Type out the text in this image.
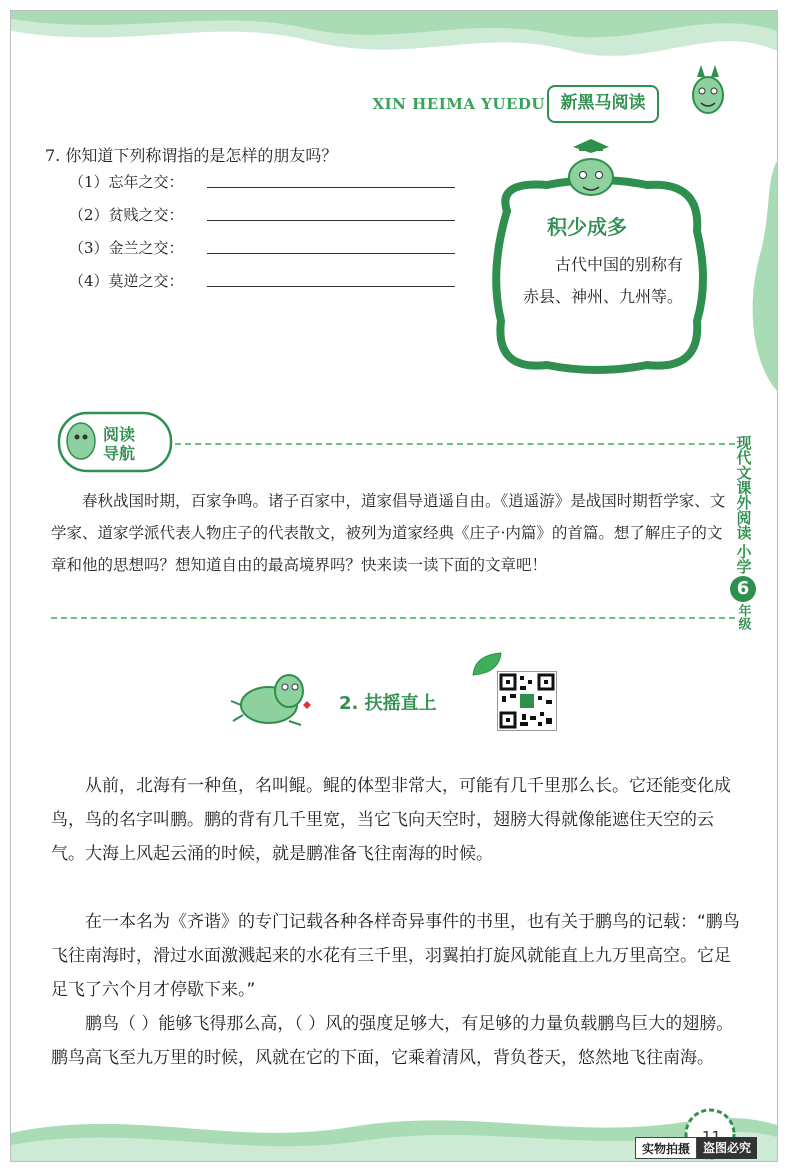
XIN HEIMA YUEDU 新黑马阅读
7. 你知道下列称谓指的是怎样的朋友吗？
（1）忘年之交：
（2）贫贱之交：
（3）金兰之交：
（4）莫逆之交：
积少成多
古代中国的别称有赤县、神州、九州等。
阅读
导航
春秋战国时期，百家争鸣。诸子百家中，道家倡导逍遥自由。《逍遥游》是战国时期哲学家、文学家、道家学派代表人物庄子的代表散文，被列为道家经典《庄子·内篇》的首篇。想了解庄子的文章和他的思想吗？想知道自由的最高境界吗？快来读一读下面的文章吧！
现代文课外阅读
小学
6
年级
2. 扶摇直上
从前，北海有一种鱼，名叫鲲。鲲的体型非常大，可能有几千里那么长。它还能变化成鸟，鸟的名字叫鹏。鹏的背有几千里宽，当它飞向天空时，翅膀大得就像能遮住天空的云气。大海上风起云涌的时候，就是鹏准备飞往南海的时候。
在一本名为《齐谐》的专门记载各种各样奇异事件的书里，也有关于鹏鸟的记载：“鹏鸟飞往南海时，滑过水面激溅起来的水花有三千里，羽翼拍打旋风就能直上九万里高空。它足足飞了六个月才停歇下来。”
鹏鸟（ ）能够飞得那么高，（ ）风的强度足够大，有足够的力量负载鹏鸟巨大的翅膀。鹏鸟高飞至九万里的时候，风就在它的下面，它乘着清风，背负苍天，悠然地飞往南海。
实物拍摄	盗图必究
